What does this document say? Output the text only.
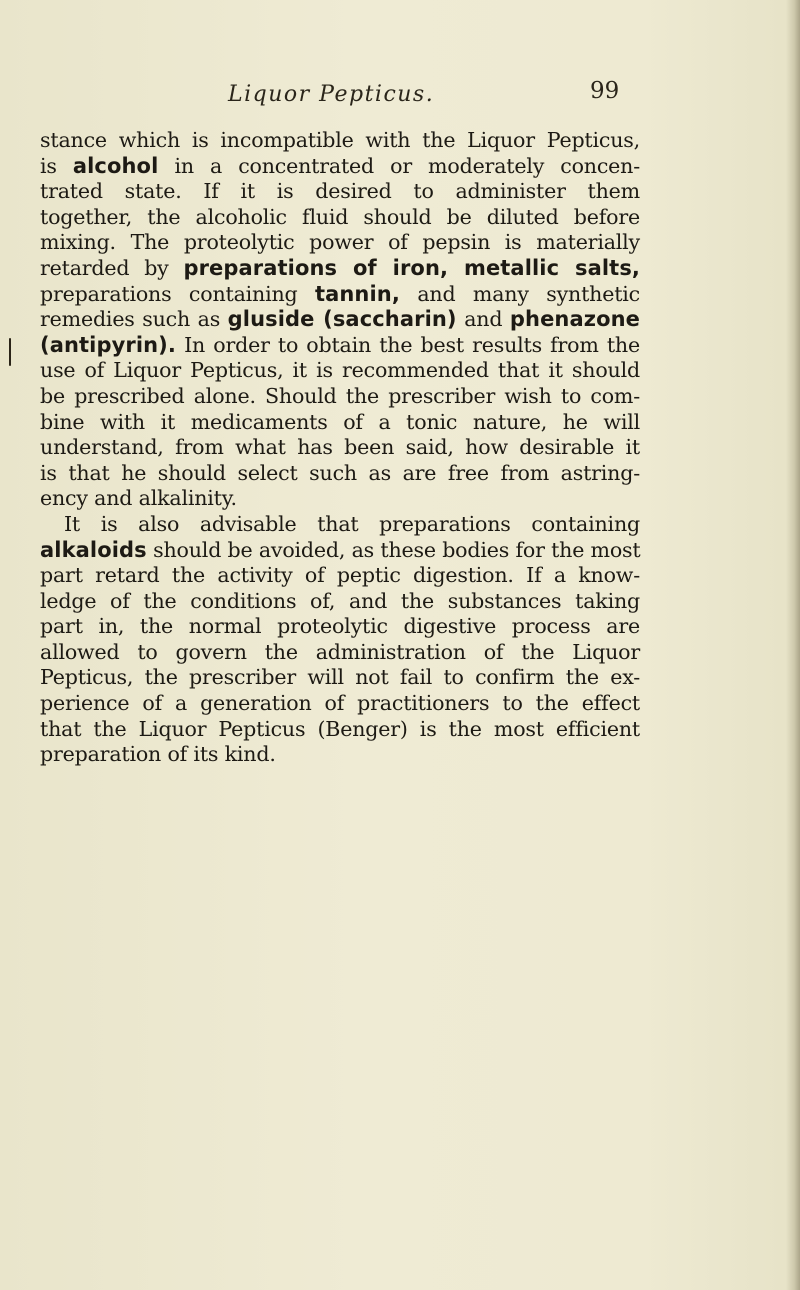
Liquor Pepticus.	99
stance which is incompatible with the Liquor Pepticus,
is alcohol in a concentrated or moderately concen-
trated state. If it is desired to administer them
together, the alcoholic fluid should be diluted before
mixing. The proteolytic power of pepsin is materially
retarded by preparations of iron, metallic salts,
preparations containing tannin, and many synthetic
remedies such as gluside (saccharin) and phenazone
(antipyrin). In order to obtain the best results from the
use of Liquor Pepticus, it is recommended that it should
be prescribed alone. Should the prescriber wish to com-
bine with it medicaments of a tonic nature, he will
understand, from what has been said, how desirable it
is that he should select such as are free from astring-
ency and alkalinity.
It is also advisable that preparations containing
alkaloids should be avoided, as these bodies for the most
part retard the activity of peptic digestion. If a know-
ledge of the conditions of, and the substances taking
part in, the normal proteolytic digestive process are
allowed to govern the administration of the Liquor
Pepticus, the prescriber will not fail to confirm the ex-
perience of a generation of practitioners to the effect
that the Liquor Pepticus (Benger) is the most efficient
preparation of its kind.
